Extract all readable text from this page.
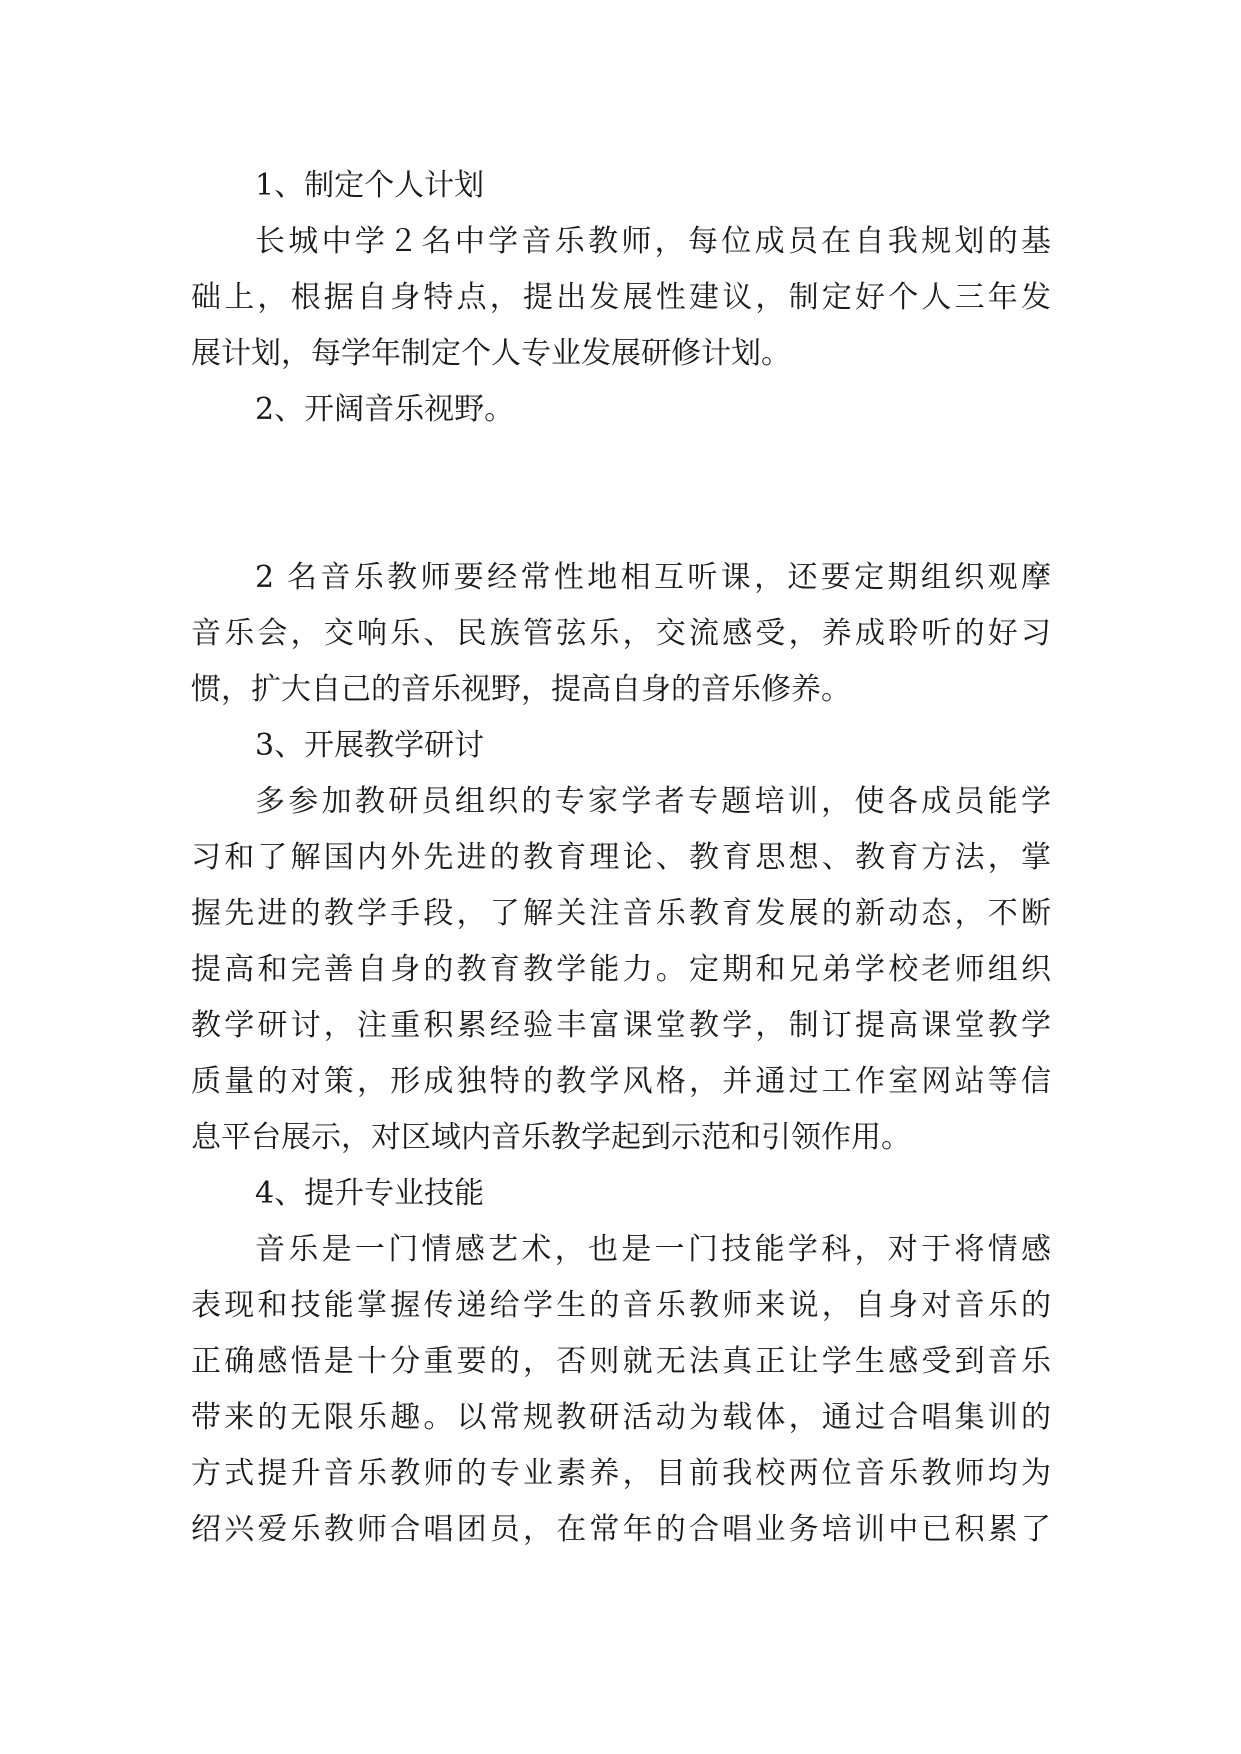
1、制定个人计划
长城中学２名中学音乐教师，每位成员在自我规划的基
础上，根据自身特点，提出发展性建议，制定好个人三年发
展计划，每学年制定个人专业发展研修计划。
2、开阔音乐视野。
2 名音乐教师要经常性地相互听课，还要定期组织观摩
音乐会，交响乐、民族管弦乐，交流感受，养成聆听的好习
惯，扩大自己的音乐视野，提高自身的音乐修养。
3、开展教学研讨
多参加教研员组织的专家学者专题培训，使各成员能学
习和了解国内外先进的教育理论、教育思想、教育方法，掌
握先进的教学手段，了解关注音乐教育发展的新动态，不断
提高和完善自身的教育教学能力。定期和兄弟学校老师组织
教学研讨，注重积累经验丰富课堂教学，制订提高课堂教学
质量的对策，形成独特的教学风格，并通过工作室网站等信
息平台展示，对区域内音乐教学起到示范和引领作用。
4、提升专业技能
音乐是一门情感艺术，也是一门技能学科，对于将情感
表现和技能掌握传递给学生的音乐教师来说，自身对音乐的
正确感悟是十分重要的，否则就无法真正让学生感受到音乐
带来的无限乐趣。以常规教研活动为载体，通过合唱集训的
方式提升音乐教师的专业素养，目前我校两位音乐教师均为
绍兴爱乐教师合唱团员，在常年的合唱业务培训中已积累了
